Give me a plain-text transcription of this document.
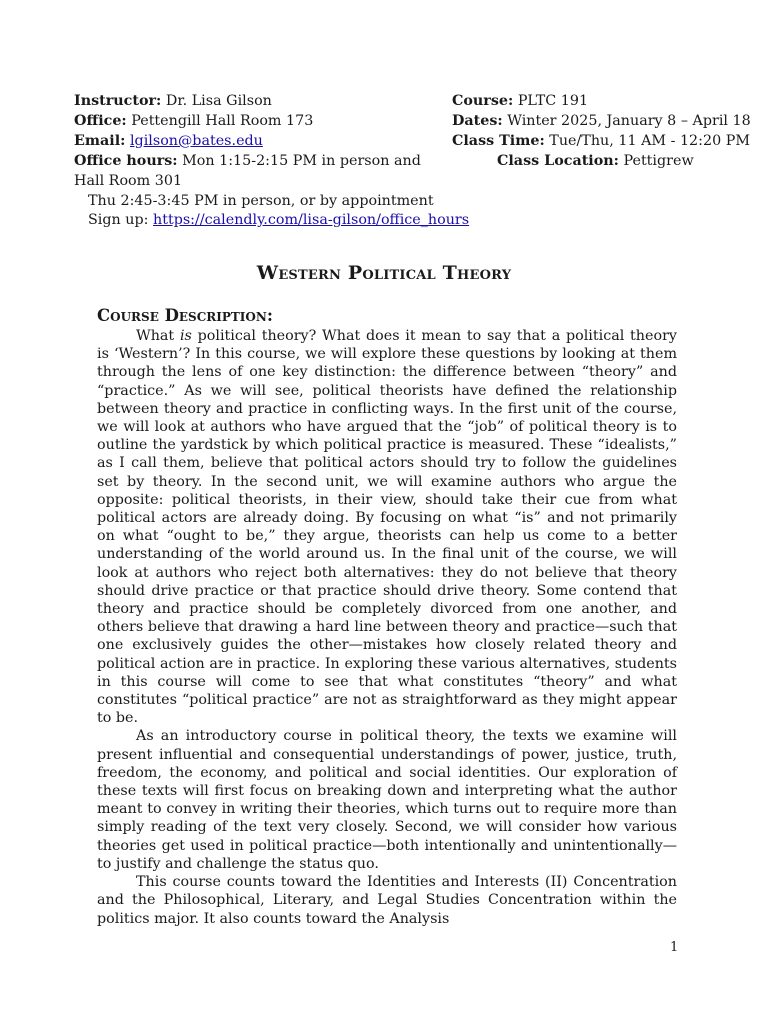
Instructor: Dr. Lisa Gilson
Office: Pettengill Hall Room 173
Email: lgilson@bates.edu
Office hours: Mon 1:15-2:15 PM in person and
Hall Room 301
Thu 2:45-3:45 PM in person, or by appointment
Sign up: https://calendly.com/lisa-gilson/office_hours
Course: PLTC 191
Dates: Winter 2025, January 8 – April 18
Class Time: Tue/Thu, 11 AM - 12:20 PM
Class Location: Pettigrew
Western Political Theory
Course Description:

What is political theory? What does it mean to say that a political theory is ‘Western’? In this course, we will explore these questions by looking at them through the lens of one key distinction: the difference between “theory” and “practice.” As we will see, political theorists have defined the relationship between theory and practice in conflicting ways. In the first unit of the course, we will look at authors who have argued that the “job” of political theory is to outline the yardstick by which political practice is measured. These “idealists,” as I call them, believe that political actors should try to follow the guidelines set by theory. In the second unit, we will examine authors who argue the opposite: political theorists, in their view, should take their cue from what political actors are already doing. By focusing on what “is” and not primarily on what “ought to be,” they argue, theorists can help us come to a better understanding of the world around us. In the final unit of the course, we will look at authors who reject both alternatives: they do not believe that theory should drive practice or that practice should drive theory. Some contend that theory and practice should be completely divorced from one another, and others believe that drawing a hard line between theory and practice—such that one exclusively guides the other—mistakes how closely related theory and political action are in practice. In exploring these various alternatives, students in this course will come to see that what constitutes “theory” and what constitutes “political practice” are not as straightforward as they might appear to be.

As an introductory course in political theory, the texts we examine will present influential and consequential understandings of power, justice, truth, freedom, the economy, and political and social identities. Our exploration of these texts will first focus on breaking down and interpreting what the author meant to convey in writing their theories, which turns out to require more than simply reading of the text very closely. Second, we will consider how various theories get used in political practice—both intentionally and unintentionally—to justify and challenge the status quo.

This course counts toward the Identities and Interests (II) Concentration and the Philosophical, Literary, and Legal Studies Concentration within the politics major. It also counts toward the Analysis

1
